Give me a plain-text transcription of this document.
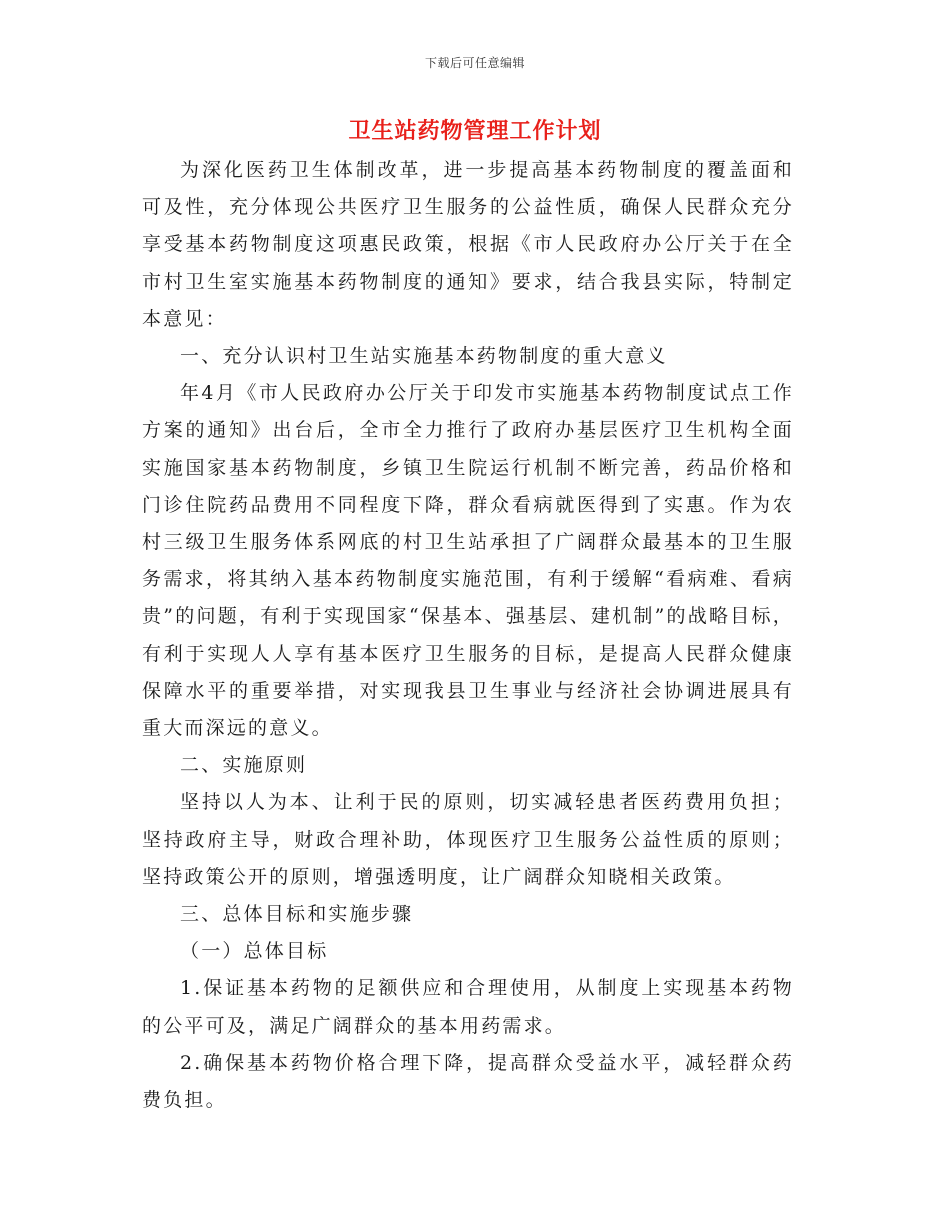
下载后可任意编辑
卫生站药物管理工作计划

为深化医药卫生体制改革，进一步提高基本药物制度的覆盖面和可及性，充分体现公共医疗卫生服务的公益性质，确保人民群众充分享受基本药物制度这项惠民政策，根据《市人民政府办公厅关于在全市村卫生室实施基本药物制度的通知》要求，结合我县实际，特制定本意见：

一、充分认识村卫生站实施基本药物制度的重大意义

年4月《市人民政府办公厅关于印发市实施基本药物制度试点工作方案的通知》出台后，全市全力推行了政府办基层医疗卫生机构全面实施国家基本药物制度，乡镇卫生院运行机制不断完善，药品价格和门诊住院药品费用不同程度下降，群众看病就医得到了实惠。作为农村三级卫生服务体系网底的村卫生站承担了广阔群众最基本的卫生服务需求，将其纳入基本药物制度实施范围，有利于缓解“看病难、看病贵”的问题，有利于实现国家“保基本、强基层、建机制”的战略目标，有利于实现人人享有基本医疗卫生服务的目标，是提高人民群众健康保障水平的重要举措，对实现我县卫生事业与经济社会协调进展具有重大而深远的意义。

二、实施原则

坚持以人为本、让利于民的原则，切实减轻患者医药费用负担；坚持政府主导，财政合理补助，体现医疗卫生服务公益性质的原则；坚持政策公开的原则，增强透明度，让广阔群众知晓相关政策。

三、总体目标和实施步骤

（一）总体目标

1.保证基本药物的足额供应和合理使用，从制度上实现基本药物的公平可及，满足广阔群众的基本用药需求。

2.确保基本药物价格合理下降，提高群众受益水平，减轻群众药费负担。
